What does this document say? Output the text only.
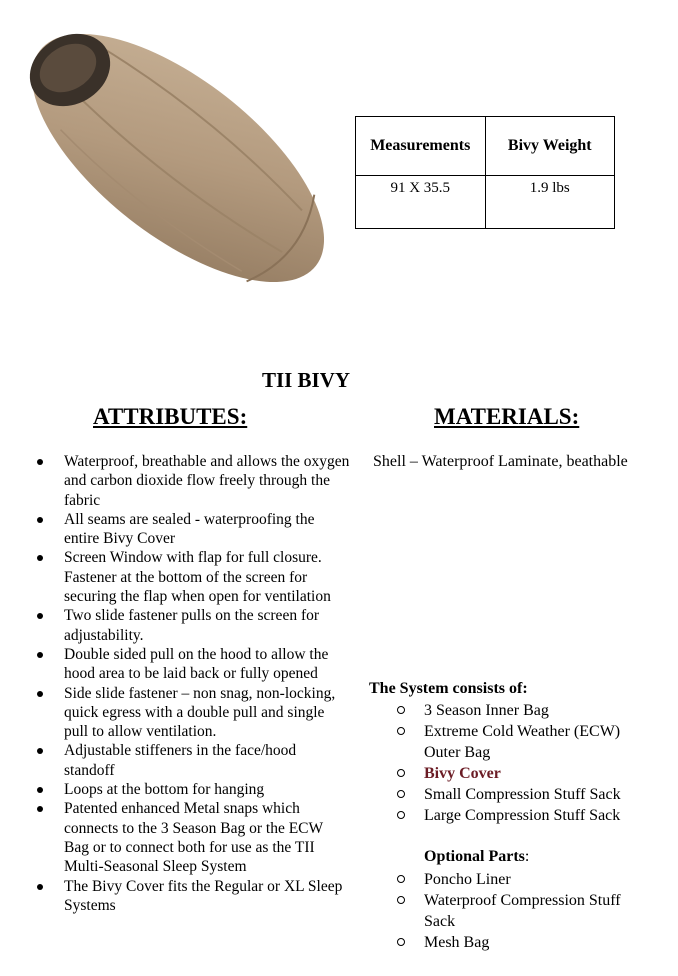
Measurements	Bivy Weight
91 X 35.5	1.9 lbs
TII BIVY
ATTRIBUTES:	MATERIALS:
Waterproof, breathable and allows the oxygen and carbon dioxide flow freely through the fabric
All seams are sealed - waterproofing the entire Bivy Cover
Screen Window with flap for full closure. Fastener at the bottom of the screen for securing the flap when open for ventilation
Two slide fastener pulls on the screen for adjustability.
Double sided pull on the hood to allow the hood area to be laid back or fully opened
Side slide fastener – non snag, non-locking, quick egress with a double pull and single pull to allow ventilation.
Adjustable stiffeners in the face/hood standoff
Loops at the bottom for hanging
Patented enhanced Metal snaps which connects to the 3 Season Bag or the ECW Bag or to connect both for use as the TII Multi-Seasonal Sleep System
The Bivy Cover fits the Regular or XL Sleep Systems
Shell – Waterproof Laminate, beathable
The System consists of:
3 Season Inner Bag
Extreme Cold Weather (ECW) Outer Bag
Bivy Cover
Small Compression Stuff Sack
Large Compression Stuff Sack
Optional Parts:
Poncho Liner
Waterproof Compression Stuff Sack
Mesh Bag
